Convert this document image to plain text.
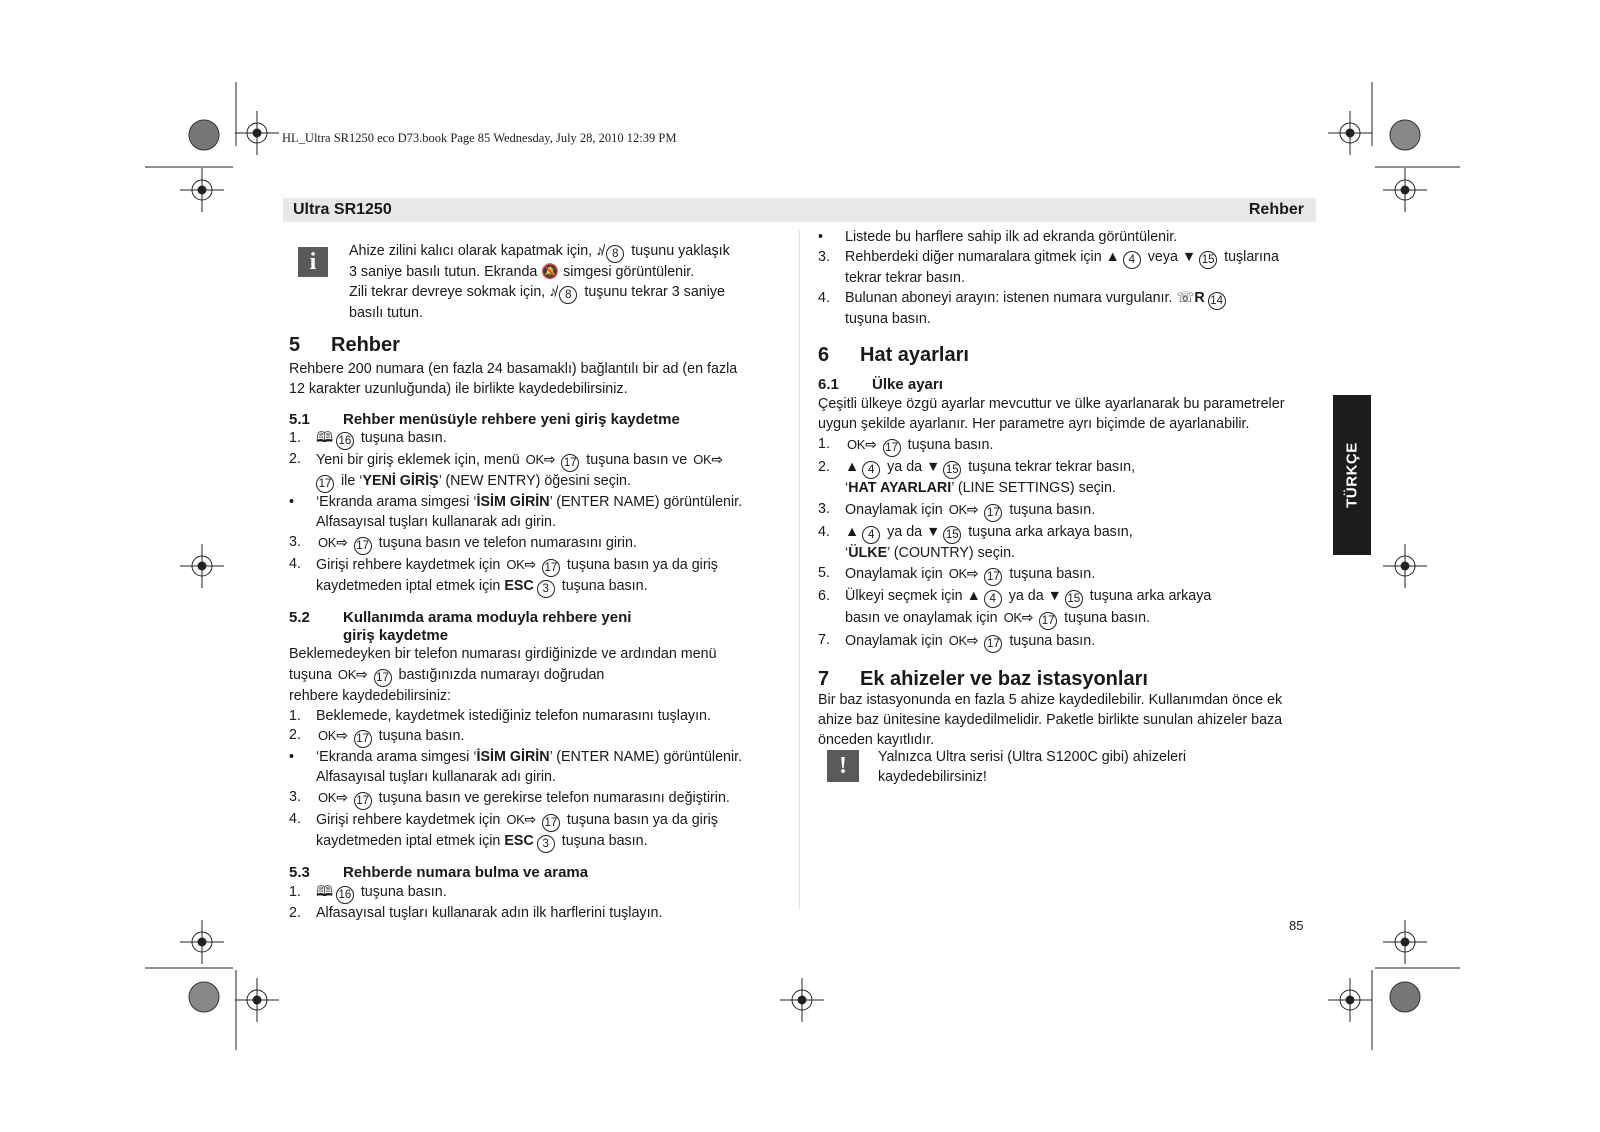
HL_Ultra SR1250 eco D73.book Page 85 Wednesday, July 28, 2010 12:39 PM
Ultra SR1250	Rehber
i	Ahize zilini kalıcı olarak kapatmak için, ♪̸ 8 tuşunu yaklaşık

3 saniye basılı tutun. Ekranda 🔕 simgesi görüntülenir.

Zili tekrar devreye sokmak için, ♪̸ 8 tuşunu tekrar 3 saniye

basılı tutun.

5 Rehber

Rehbere 200 numara (en fazla 24 basamaklı) bağlantılı bir ad (en fazla

12 karakter uzunluğunda) ile birlikte kaydedebilirsiniz.

5.1 Rehber menüsüyle rehbere yeni giriş kaydetme

1. 🕮 16 tuşuna basın.
2. Yeni bir giriş eklemek için, menü OK⇨ 17 tuşuna basın ve OK⇨
17 ile ‘YENİ GİRİŞ’ (NEW ENTRY) öğesini seçin.
• ‘Ekranda arama simgesi ‘İSİM GİRİN’ (ENTER NAME) görüntülenir.
Alfasayısal tuşları kullanarak adı girin.
3. OK⇨ 17 tuşuna basın ve telefon numarasını girin.
4. Girişi rehbere kaydetmek için OK⇨ 17 tuşuna basın ya da giriş
kaydetmeden iptal etmek için ESC 3 tuşuna basın.

5.2 Kullanımda arama moduyla rehbere yeni

giriş kaydetme

Beklemedeyken bir telefon numarası girdiğinizde ve ardından menü

tuşuna OK⇨ 17 bastığınızda numarayı doğrudan

rehbere kaydedebilirsiniz:

1. Beklemede, kaydetmek istediğiniz telefon numarasını tuşlayın.
2. OK⇨ 17 tuşuna basın.
• ‘Ekranda arama simgesi ‘İSİM GİRİN’ (ENTER NAME) görüntülenir.
Alfasayısal tuşları kullanarak adı girin.
3. OK⇨ 17 tuşuna basın ve gerekirse telefon numarasını değiştirin.
4. Girişi rehbere kaydetmek için OK⇨ 17 tuşuna basın ya da giriş
kaydetmeden iptal etmek için ESC 3 tuşuna basın.

5.3 Rehberde numara bulma ve arama

1. 🕮 16 tuşuna basın.
2. Alfasayısal tuşları kullanarak adın ilk harflerini tuşlayın.
• Listede bu harflere sahip ilk ad ekranda görüntülenir.
3. Rehberdeki diğer numaralara gitmek için ▲ 4 veya ▼ 15 tuşlarına
tekrar tekrar basın.
4. Bulunan aboneyi arayın: istenen numara vurgulanır. ☏R 14
tuşuna basın.

6 Hat ayarları

6.1 Ülke ayarı

Çeşitli ülkeye özgü ayarlar mevcuttur ve ülke ayarlanarak bu parametreler

uygun şekilde ayarlanır. Her parametre ayrı biçimde de ayarlanabilir.

1. OK⇨ 17 tuşuna basın.
2. ▲ 4 ya da ▼ 15 tuşuna tekrar tekrar basın,
‘HAT AYARLARI’ (LINE SETTINGS) seçin.
3. Onaylamak için OK⇨ 17 tuşuna basın.
4. ▲ 4 ya da ▼ 15 tuşuna arka arkaya basın,
‘ÜLKE’ (COUNTRY) seçin.
5. Onaylamak için OK⇨ 17 tuşuna basın.
6. Ülkeyi seçmek için ▲ 4 ya da ▼ 15 tuşuna arka arkaya
basın ve onaylamak için OK⇨ 17 tuşuna basın.
7. Onaylamak için OK⇨ 17 tuşuna basın.

7 Ek ahizeler ve baz istasyonları

Bir baz istasyonunda en fazla 5 ahize kaydedilebilir. Kullanımdan önce ek

ahize baz ünitesine kaydedilmelidir. Paketle birlikte sunulan ahizeler baza

önceden kayıtlıdır.

!	Yalnızca Ultra serisi (Ultra S1200C gibi) ahizeleri

kaydedebilirsiniz!

TÜRKÇE
85
